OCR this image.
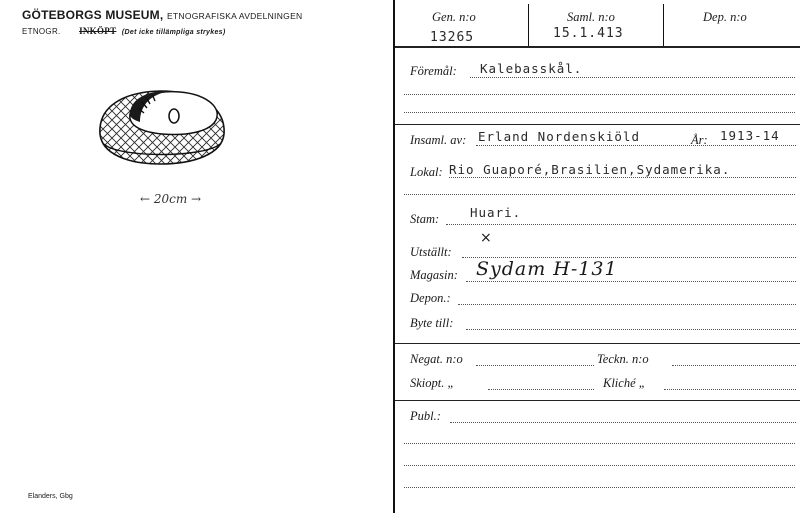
GÖTEBORGS MUSEUM, ETNOGRAFISKA AVDELNINGEN
ETNOGR. INKÖPT (Det icke tillämpliga strykes)
← 20cm →
Elanders, Gbg
Gen. n:o
13265
Saml. n:o
15.1.413
Dep. n:o
Föremål: Kalebasskål.
Insaml. av: Erland Nordenskiöld	År: 1913-14
Lokal: Rio Guaporé,Brasilien,Sydamerika.
Stam: Huari.
Utställt:
×
Magasin: Sydam H-131
Depon.:
Byte till:
Negat. n:o	Teckn. n:o
Skiopt. „	Kliché „
Publ.:
